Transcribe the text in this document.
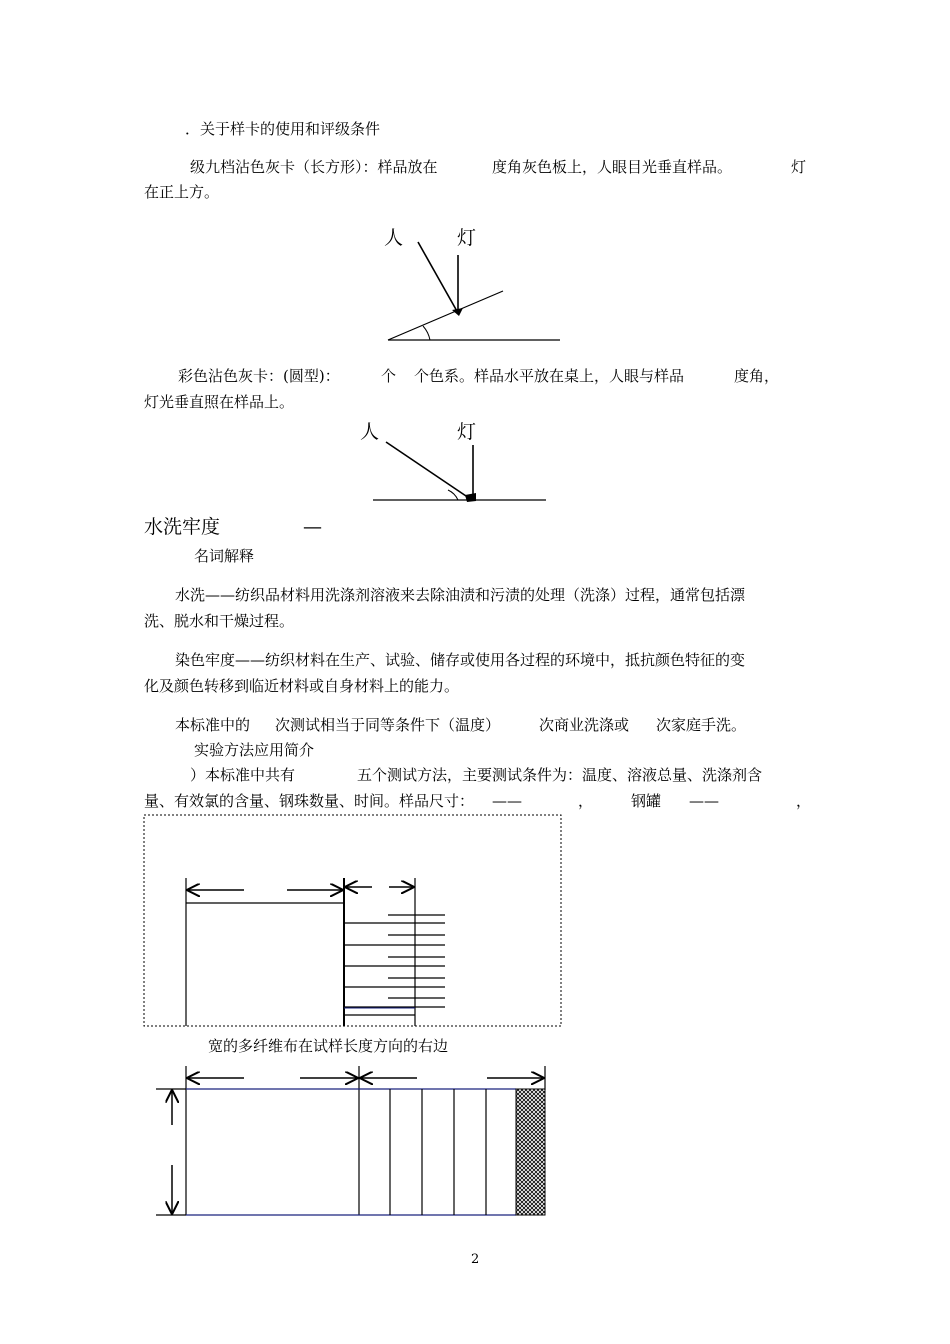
．关于样卡的使用和评级条件
级九档沾色灰卡（长方形）：样品放在	度角灰色板上，人眼目光垂直样品。	灯
在正上方。
人	灯
彩色沾色灰卡：(圆型)：	个 个色系。样品水平放在桌上，人眼与样品	度角，
灯光垂直照在样品上。
人	灯
水洗牢度	—
名词解释
水洗——纺织品材料用洗涤剂溶液来去除油渍和污渍的处理（洗涤）过程，通常包括漂
洗、脱水和干燥过程。
染色牢度——纺织材料在生产、试验、储存或使用各过程的环境中，抵抗颜色特征的变
化及颜色转移到临近材料或自身材料上的能力。
本标准中的 次测试相当于同等条件下（温度）	次商业洗涤或 次家庭手洗。
实验方法应用简介
）本标准中共有	五个测试方法，主要测试条件为：温度、溶液总量、洗涤剂含
量、有效氯的含量、钢珠数量、时间。样品尺寸： ——	，	钢罐 ——	，
宽的多纤维布在试样长度方向的右边
2
